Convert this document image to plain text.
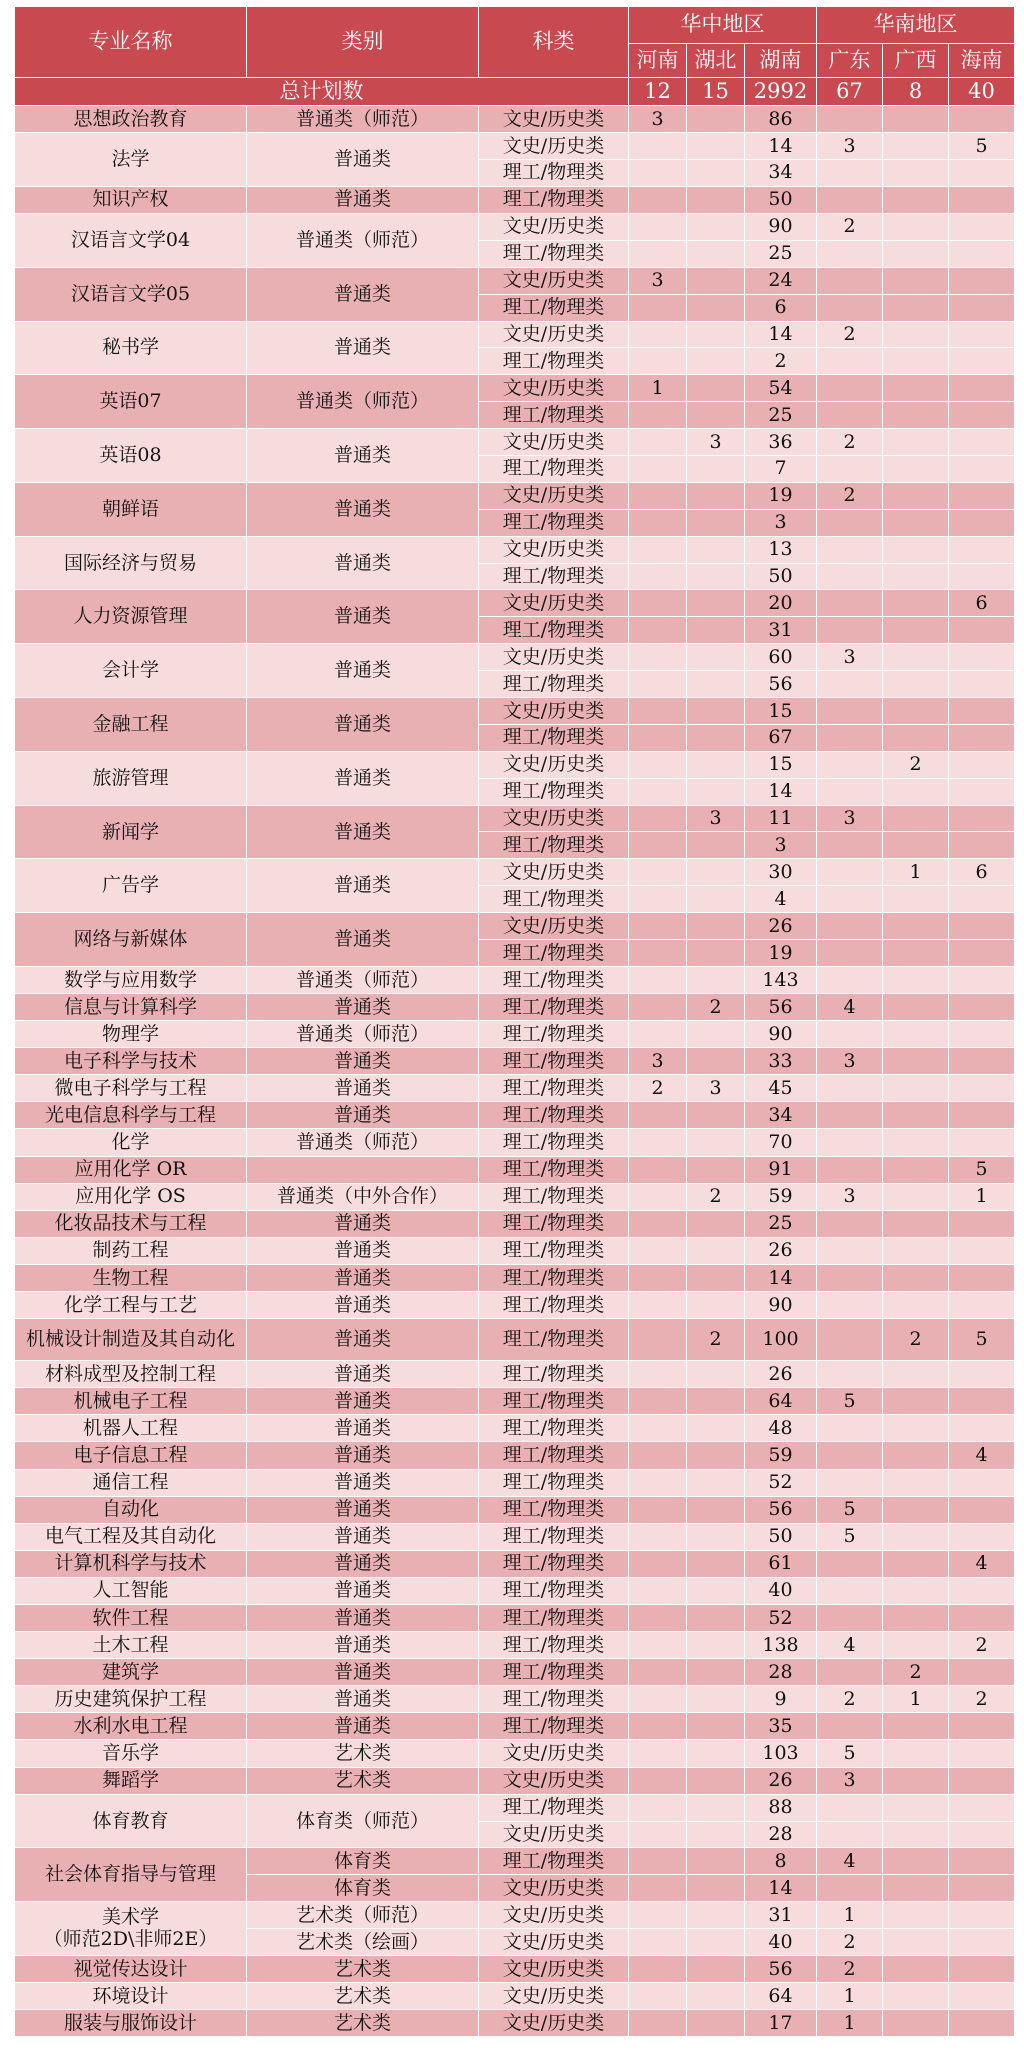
专业名称	类别	科类	华中地区			华南地区		
			河南	湖北	湖南	广东	广西	海南
总计划数			12	15	2992	67	8	40
思想政治教育	普通类（师范）	文史/历史类	3		86			
法学	普通类	文史/历史类			14	3		5
		理工/物理类			34			
知识产权	普通类	理工/物理类			50			
汉语言文学04	普通类（师范）	文史/历史类			90	2		
		理工/物理类			25			
汉语言文学05	普通类	文史/历史类	3		24			
		理工/物理类			6			
秘书学	普通类	文史/历史类			14	2		
		理工/物理类			2			
英语07	普通类（师范）	文史/历史类	1		54			
		理工/物理类			25			
英语08	普通类	文史/历史类		3	36	2		
		理工/物理类			7			
朝鲜语	普通类	文史/历史类			19	2		
		理工/物理类			3			
国际经济与贸易	普通类	文史/历史类			13			
		理工/物理类			50			
人力资源管理	普通类	文史/历史类			20			6
		理工/物理类			31			
会计学	普通类	文史/历史类			60	3		
		理工/物理类			56			
金融工程	普通类	文史/历史类			15			
		理工/物理类			67			
旅游管理	普通类	文史/历史类			15		2	
		理工/物理类			14			
新闻学	普通类	文史/历史类		3	11	3		
		理工/物理类			3			
广告学	普通类	文史/历史类			30		1	6
		理工/物理类			4			
网络与新媒体	普通类	文史/历史类			26			
		理工/物理类			19			
数学与应用数学	普通类（师范）	理工/物理类			143			
信息与计算科学	普通类	理工/物理类		2	56	4		
物理学	普通类（师范）	理工/物理类			90			
电子科学与技术	普通类	理工/物理类	3		33	3		
微电子科学与工程	普通类	理工/物理类	2	3	45			
光电信息科学与工程	普通类	理工/物理类			34			
化学	普通类（师范）	理工/物理类			70			
应用化学 OR		理工/物理类			91			5
应用化学 OS	普通类（中外合作）	理工/物理类		2	59	3		1
化妆品技术与工程	普通类	理工/物理类			25			
制药工程	普通类	理工/物理类			26			
生物工程	普通类	理工/物理类			14			
化学工程与工艺	普通类	理工/物理类			90			
机械设计制造及其自动化	普通类	理工/物理类		2	100		2	5
材料成型及控制工程	普通类	理工/物理类			26			
机械电子工程	普通类	理工/物理类			64	5		
机器人工程	普通类	理工/物理类			48			
电子信息工程	普通类	理工/物理类			59			4
通信工程	普通类	理工/物理类			52			
自动化	普通类	理工/物理类			56	5		
电气工程及其自动化	普通类	理工/物理类			50	5		
计算机科学与技术	普通类	理工/物理类			61			4
人工智能	普通类	理工/物理类			40			
软件工程	普通类	理工/物理类			52			
土木工程	普通类	理工/物理类			138	4		2
建筑学	普通类	理工/物理类			28		2	
历史建筑保护工程	普通类	理工/物理类			9	2	1	2
水利水电工程	普通类	理工/物理类			35			
音乐学	艺术类	文史/历史类			103	5		
舞蹈学	艺术类	文史/历史类			26	3		
体育教育	体育类（师范）	理工/物理类			88			
		文史/历史类			28			
社会体育指导与管理	体育类	理工/物理类			8	4		
	体育类	文史/历史类			14			
美术学
（师范2D\非师2E）	艺术类（师范）	文史/历史类			31	1		
	艺术类（绘画）	文史/历史类			40	2		
视觉传达设计	艺术类	文史/历史类			56	2		
环境设计	艺术类	文史/历史类			64	1		
服装与服饰设计	艺术类	文史/历史类			17	1		
